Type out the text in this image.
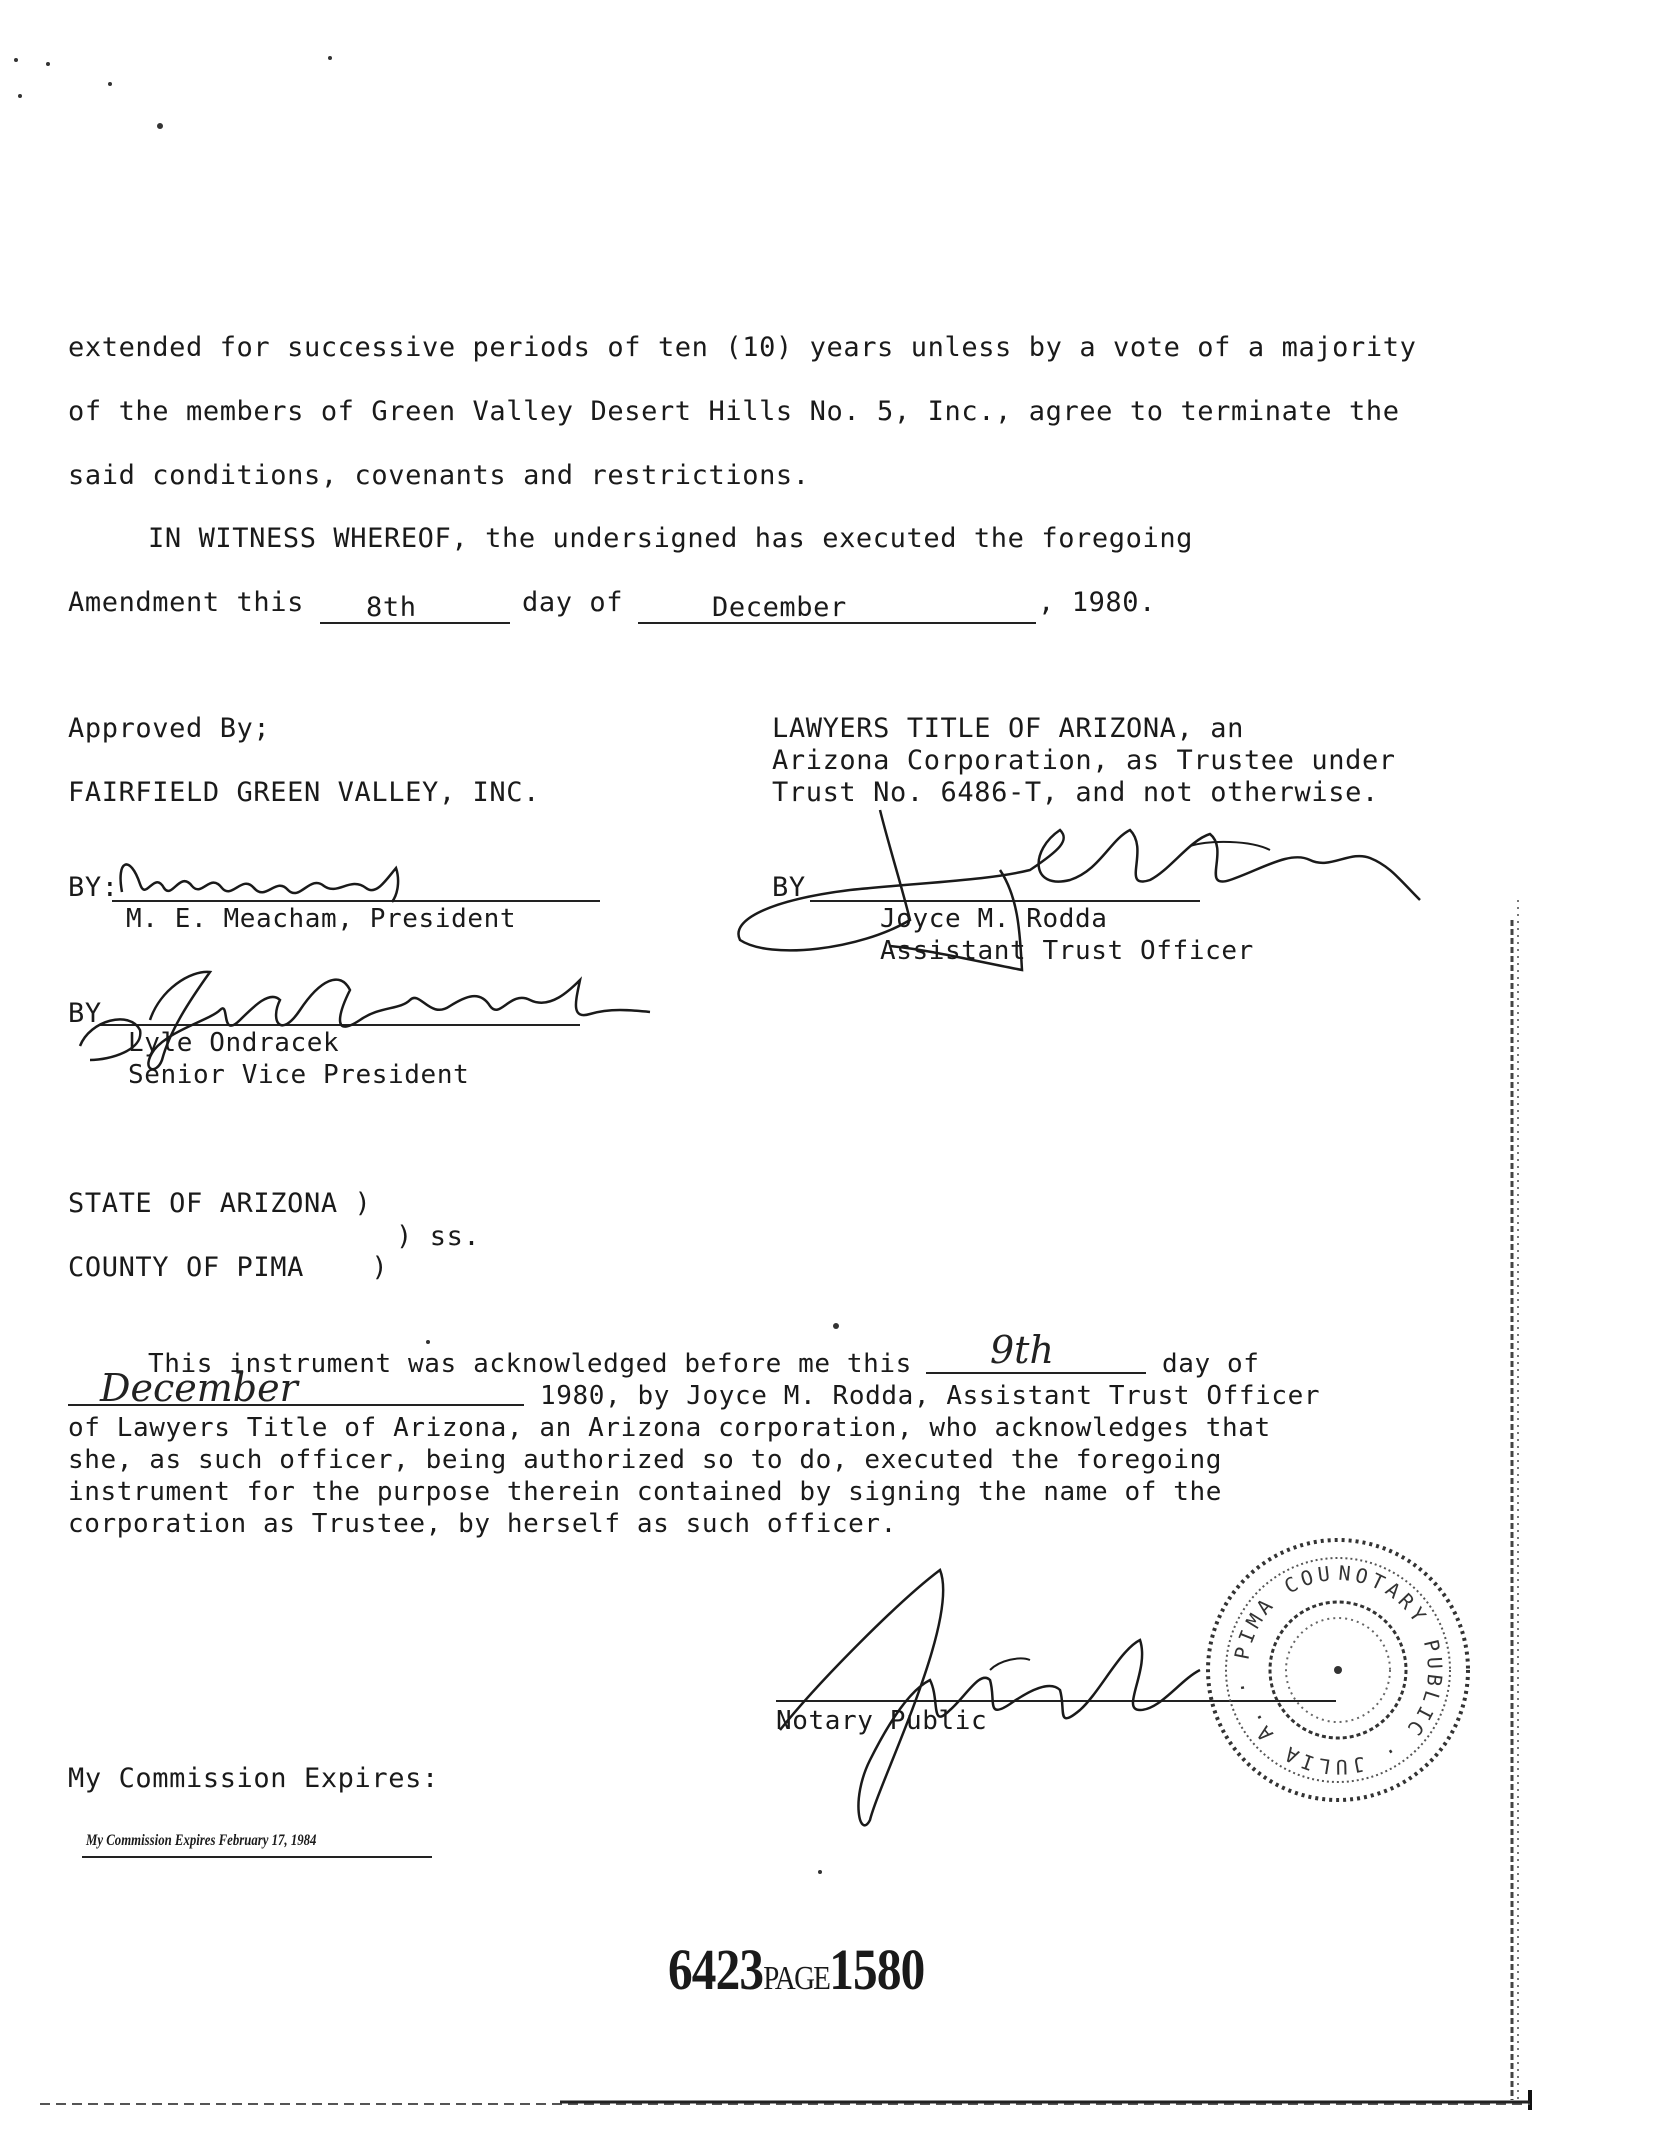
extended for successive periods of ten (10) years unless by a vote of a majority
of the members of Green Valley Desert Hills No. 5, Inc., agree to terminate the
said conditions, covenants and restrictions.
IN WITNESS WHEREOF, the undersigned has executed the foregoing
Amendment this 8th	day of	December	, 1980.
Approved By;
FAIRFIELD GREEN VALLEY, INC.
BY:
M. E. Meacham, President
BY
Lyle Ondracek
Senior Vice President
LAWYERS TITLE OF ARIZONA, an
Arizona Corporation, as Trustee under
Trust No. 6486-T, and not otherwise.
BY
Joyce M. Rodda
Assistant Trust Officer
STATE OF ARIZONA )
) ss.
COUNTY OF PIMA    )
This instrument was acknowledged before me this 9th	day of
December	1980, by Joyce M. Rodda, Assistant Trust Officer
of Lawyers Title of Arizona, an Arizona corporation, who acknowledges that
she, as such officer, being authorized so to do, executed the foregoing
instrument for the purpose therein contained by signing the name of the
corporation as Trustee, by herself as such officer.
Notary Public
NOTARY PUBLIC · JULIA A. · PIMA COUNTY, ARIZ.
My Commission Expires:
My Commission Expires February 17, 1984
6423PAGE1580
